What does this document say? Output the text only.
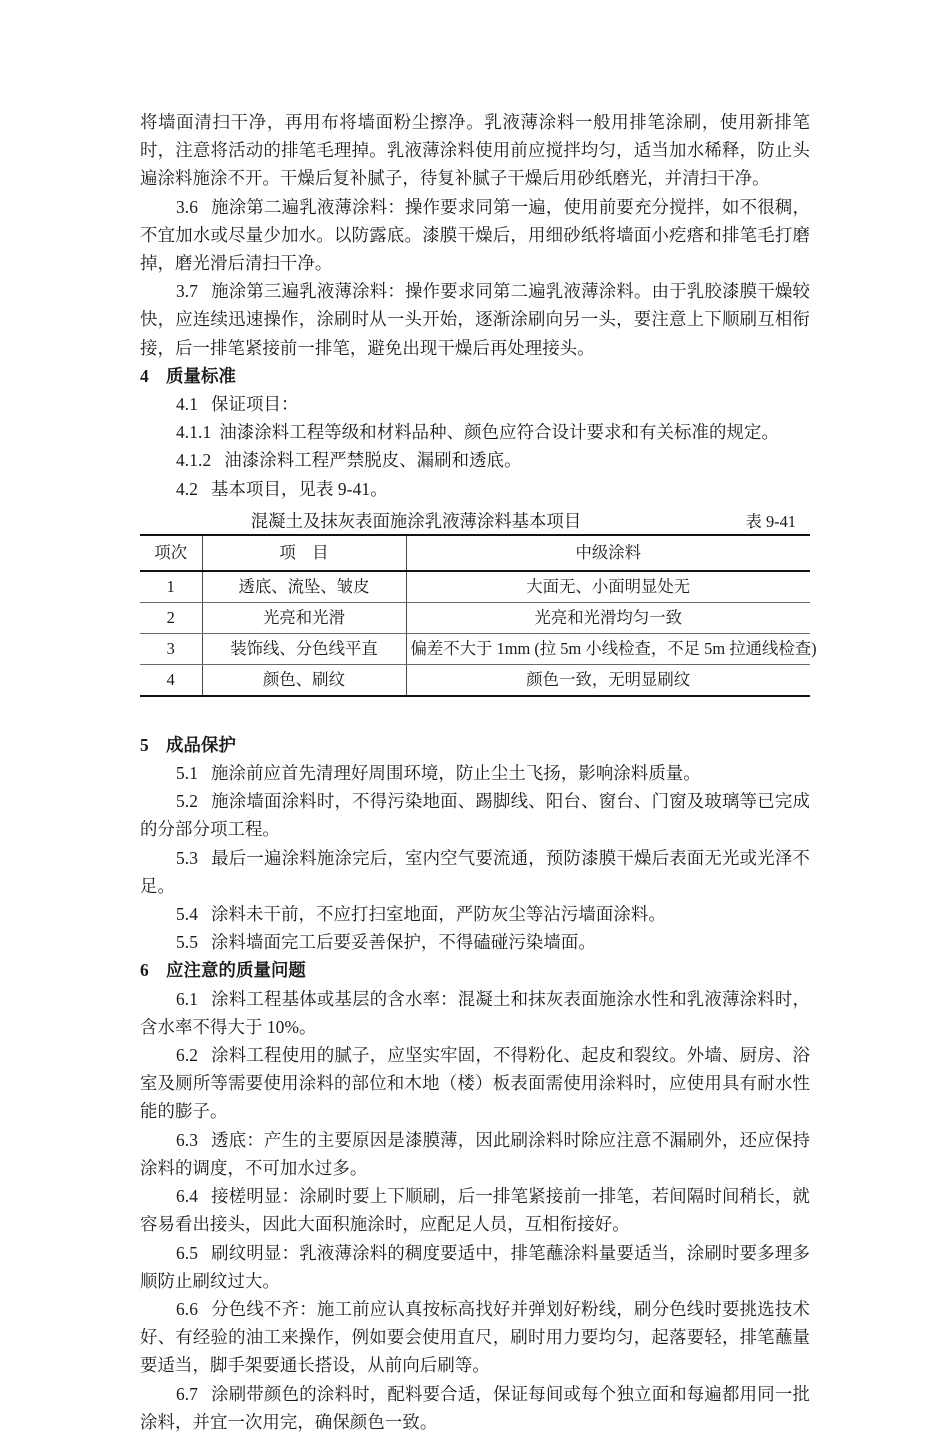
将墙面清扫干净，再用布将墙面粉尘擦净。乳液薄涂料一般用排笔涂刷，使用新排笔时，注意将活动的排笔毛理掉。乳液薄涂料使用前应搅拌均匀，适当加水稀释，防止头遍涂料施涂不开。干燥后复补腻子，待复补腻子干燥后用砂纸磨光，并清扫干净。

3.6 施涂第二遍乳液薄涂料：操作要求同第一遍，使用前要充分搅拌，如不很稠，不宜加水或尽量少加水。以防露底。漆膜干燥后，用细砂纸将墙面小疙瘩和排笔毛打磨掉，磨光滑后清扫干净。

3.7 施涂第三遍乳液薄涂料：操作要求同第二遍乳液薄涂料。由于乳胶漆膜干燥较快，应连续迅速操作，涂刷时从一头开始，逐渐涂刷向另一头，要注意上下顺刷互相衔接，后一排笔紧接前一排笔，避免出现干燥后再处理接头。

4 质量标准

4.1 保证项目：

4.1.1 油漆涂料工程等级和材料品种、颜色应符合设计要求和有关标准的规定。

4.1.2 油漆涂料工程严禁脱皮、漏刷和透底。

4.2 基本项目，见表 9-41。

混凝土及抹灰表面施涂乳液薄涂料基本项目	表 9-41
项次	项　目	中级涂料
1	透底、流坠、皱皮	大面无、小面明显处无
2	光亮和光滑	光亮和光滑均匀一致
3	装饰线、分色线平直	偏差不大于 1mm (拉 5m 小线检查，不足 5m 拉通线检查)
4	颜色、刷纹	颜色一致，无明显刷纹
5 成品保护

5.1 施涂前应首先清理好周围环境，防止尘土飞扬，影响涂料质量。

5.2 施涂墙面涂料时，不得污染地面、踢脚线、阳台、窗台、门窗及玻璃等已完成的分部分项工程。

5.3 最后一遍涂料施涂完后，室内空气要流通，预防漆膜干燥后表面无光或光泽不足。

5.4 涂料未干前，不应打扫室地面，严防灰尘等沾污墙面涂料。

5.5 涂料墙面完工后要妥善保护，不得磕碰污染墙面。

6 应注意的质量问题

6.1 涂料工程基体或基层的含水率：混凝土和抹灰表面施涂水性和乳液薄涂料时，含水率不得大于 10%。

6.2 涂料工程使用的腻子，应坚实牢固，不得粉化、起皮和裂纹。外墙、厨房、浴室及厕所等需要使用涂料的部位和木地（楼）板表面需使用涂料时，应使用具有耐水性能的膨子。

6.3 透底：产生的主要原因是漆膜薄，因此刷涂料时除应注意不漏刷外，还应保持涂料的调度，不可加水过多。

6.4 接槎明显：涂刷时要上下顺刷，后一排笔紧接前一排笔，若间隔时间稍长，就容易看出接头，因此大面积施涂时，应配足人员，互相衔接好。

6.5 刷纹明显：乳液薄涂料的稠度要适中，排笔蘸涂料量要适当，涂刷时要多理多顺防止刷纹过大。

6.6 分色线不齐：施工前应认真按标高找好并弹划好粉线，刷分色线时要挑选技术好、有经验的油工来操作，例如要会使用直尺，刷时用力要均匀，起落要轻，排笔蘸量要适当，脚手架要通长搭设，从前向后刷等。

6.7 涂刷带颜色的涂料时，配料要合适，保证每间或每个独立面和每遍都用同一批涂料，并宜一次用完，确保颜色一致。
